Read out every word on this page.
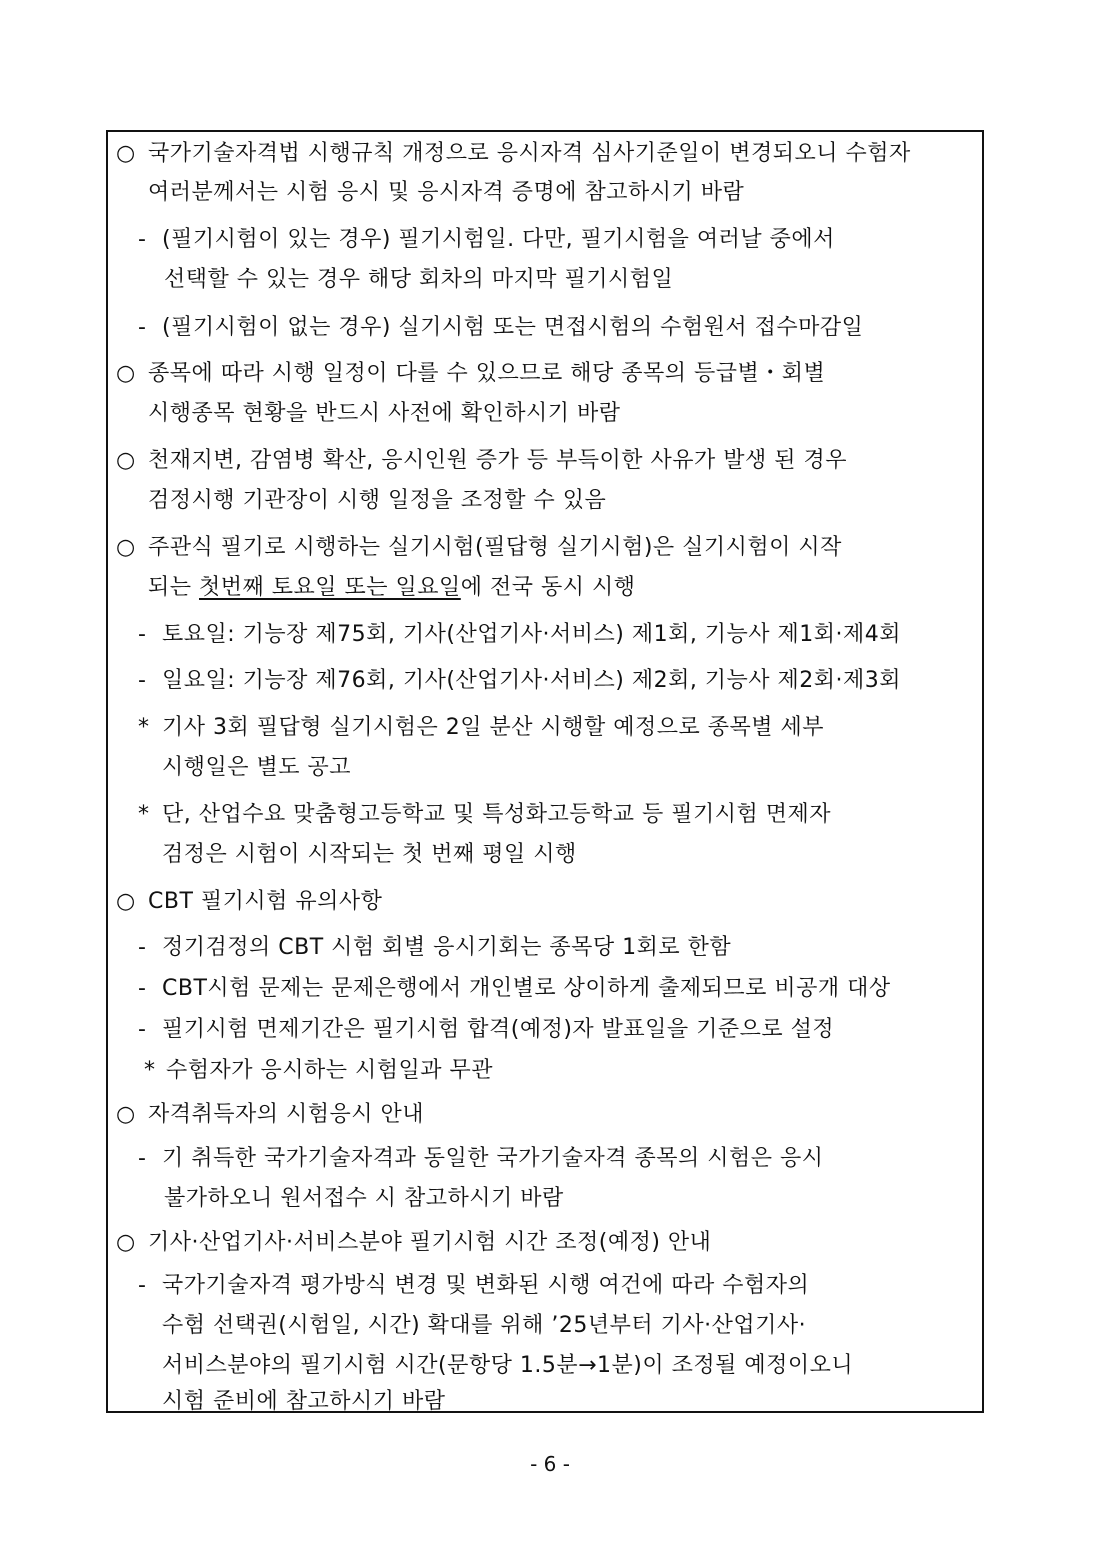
○ 국가기술자격법 시행규칙 개정으로 응시자격 심사기준일이 변경되오니 수험자
여러분께서는 시험 응시 및 응시자격 증명에 참고하시기 바람
- (필기시험이 있는 경우) 필기시험일. 다만, 필기시험을 여러날 중에서
선택할 수 있는 경우 해당 회차의 마지막 필기시험일
- (필기시험이 없는 경우) 실기시험 또는 면접시험의 수험원서 접수마감일
○ 종목에 따라 시행 일정이 다를 수 있으므로 해당 종목의 등급별・회별
시행종목 현황을 반드시 사전에 확인하시기 바람
○ 천재지변, 감염병 확산, 응시인원 증가 등 부득이한 사유가 발생 된 경우
검정시행 기관장이 시행 일정을 조정할 수 있음
○ 주관식 필기로 시행하는 실기시험(필답형 실기시험)은 실기시험이 시작
되는 첫번째 토요일 또는 일요일에 전국 동시 시행
- 토요일: 기능장 제75회, 기사(산업기사·서비스) 제1회, 기능사 제1회·제4회
- 일요일: 기능장 제76회, 기사(산업기사·서비스) 제2회, 기능사 제2회·제3회
* 기사 3회 필답형 실기시험은 2일 분산 시행할 예정으로 종목별 세부
시행일은 별도 공고
* 단, 산업수요 맞춤형고등학교 및 특성화고등학교 등 필기시험 면제자
검정은 시험이 시작되는 첫 번째 평일 시행
○ CBT 필기시험 유의사항
- 정기검정의 CBT 시험 회별 응시기회는 종목당 1회로 한함
- CBT시험 문제는 문제은행에서 개인별로 상이하게 출제되므로 비공개 대상
- 필기시험 면제기간은 필기시험 합격(예정)자 발표일을 기준으로 설정
* 수험자가 응시하는 시험일과 무관
○ 자격취득자의 시험응시 안내
- 기 취득한 국가기술자격과 동일한 국가기술자격 종목의 시험은 응시
불가하오니 원서접수 시 참고하시기 바람
○ 기사·산업기사·서비스분야 필기시험 시간 조정(예정) 안내
- 국가기술자격 평가방식 변경 및 변화된 시행 여건에 따라 수험자의
수험 선택권(시험일, 시간) 확대를 위해 ’25년부터 기사·산업기사·
서비스분야의 필기시험 시간(문항당 1.5분→1분)이 조정될 예정이오니
시험 준비에 참고하시기 바람
- 6 -
